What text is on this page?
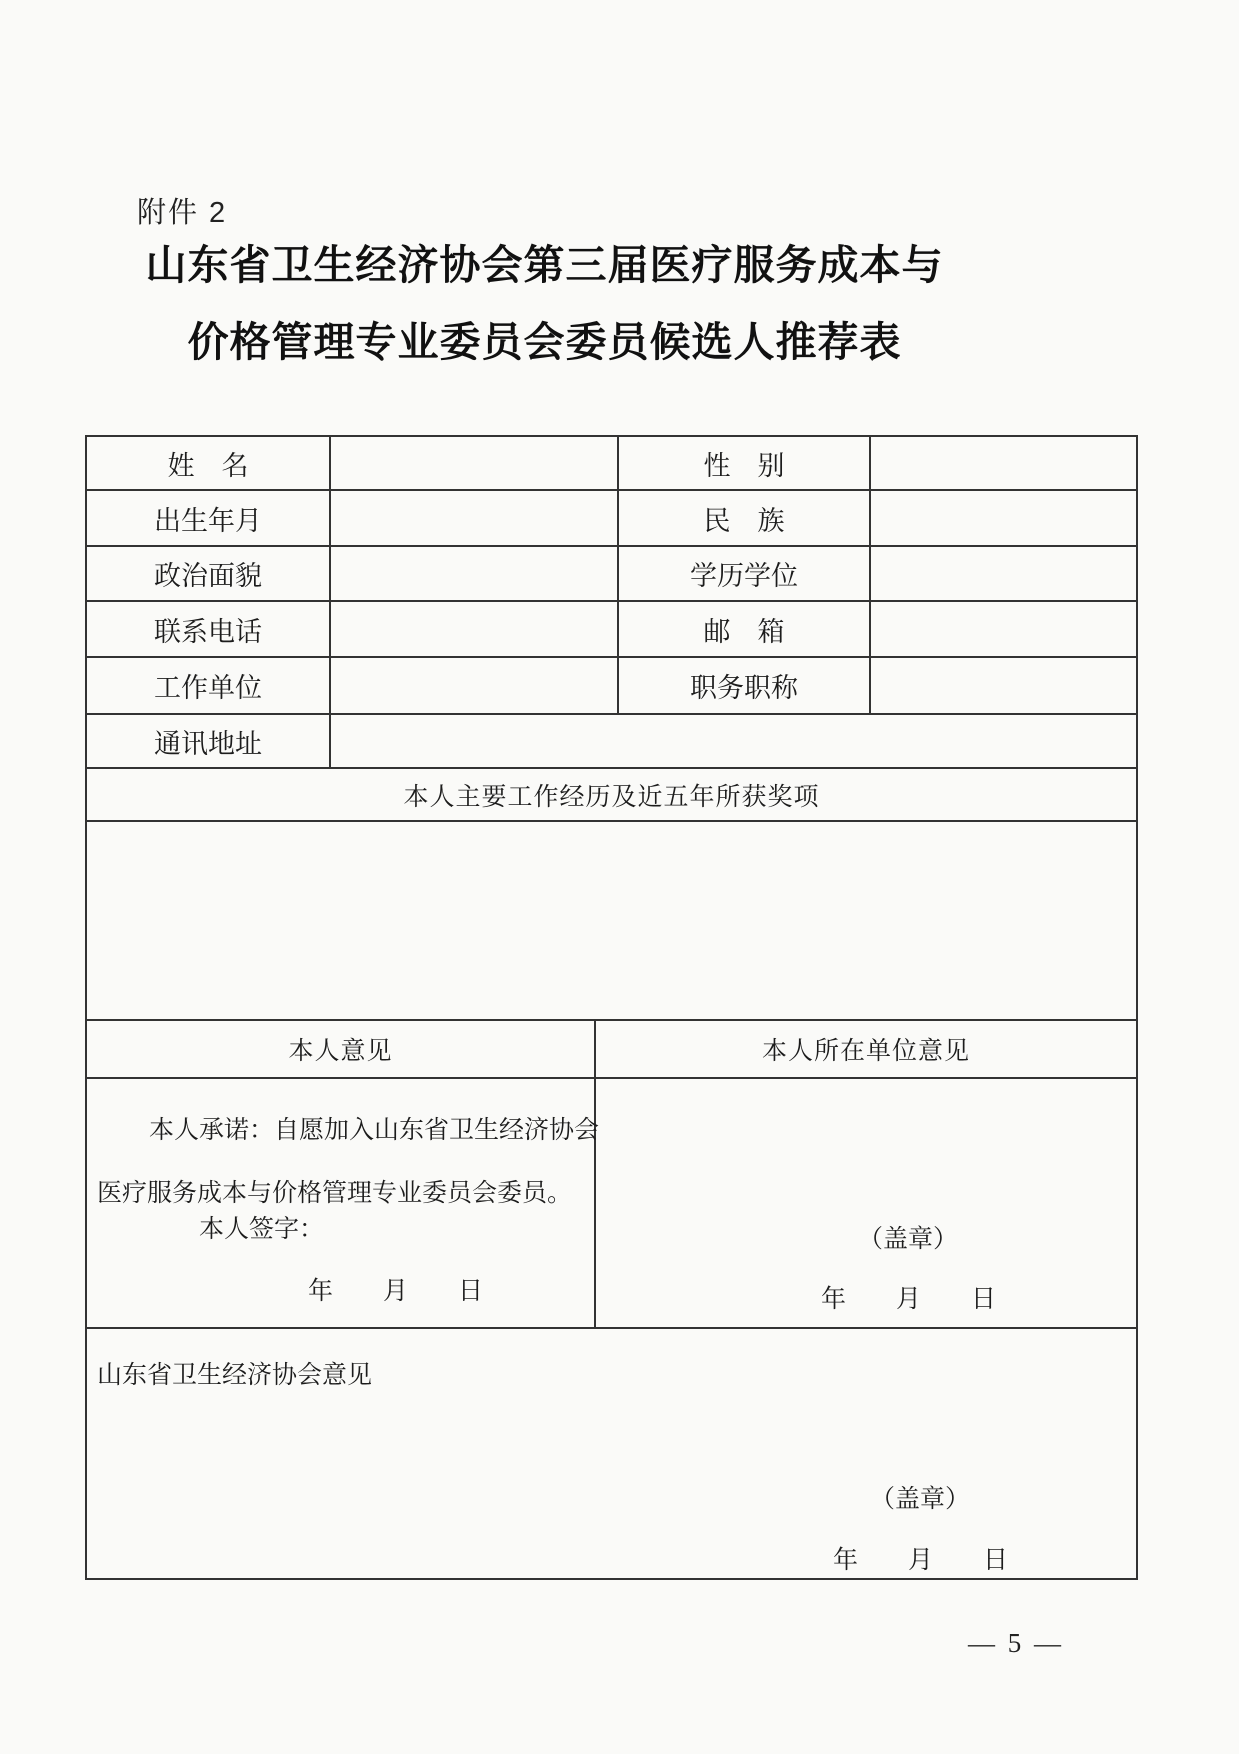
附件 2
山东省卫生经济协会第三届医疗服务成本与
价格管理专业委员会委员候选人推荐表
姓　名	性　别
出生年月	民　族
政治面貌	学历学位
联系电话	邮　箱
工作单位	职务职称
通讯地址
本人主要工作经历及近五年所获奖项
本人意见	本人所在单位意见
本人承诺：自愿加入山东省卫生经济协会
医疗服务成本与价格管理专业委员会委员。
本人签字：
年　　月　　日
（盖章）
年　　月　　日
山东省卫生经济协会意见
（盖章）
年　　月　　日
— 5 —
